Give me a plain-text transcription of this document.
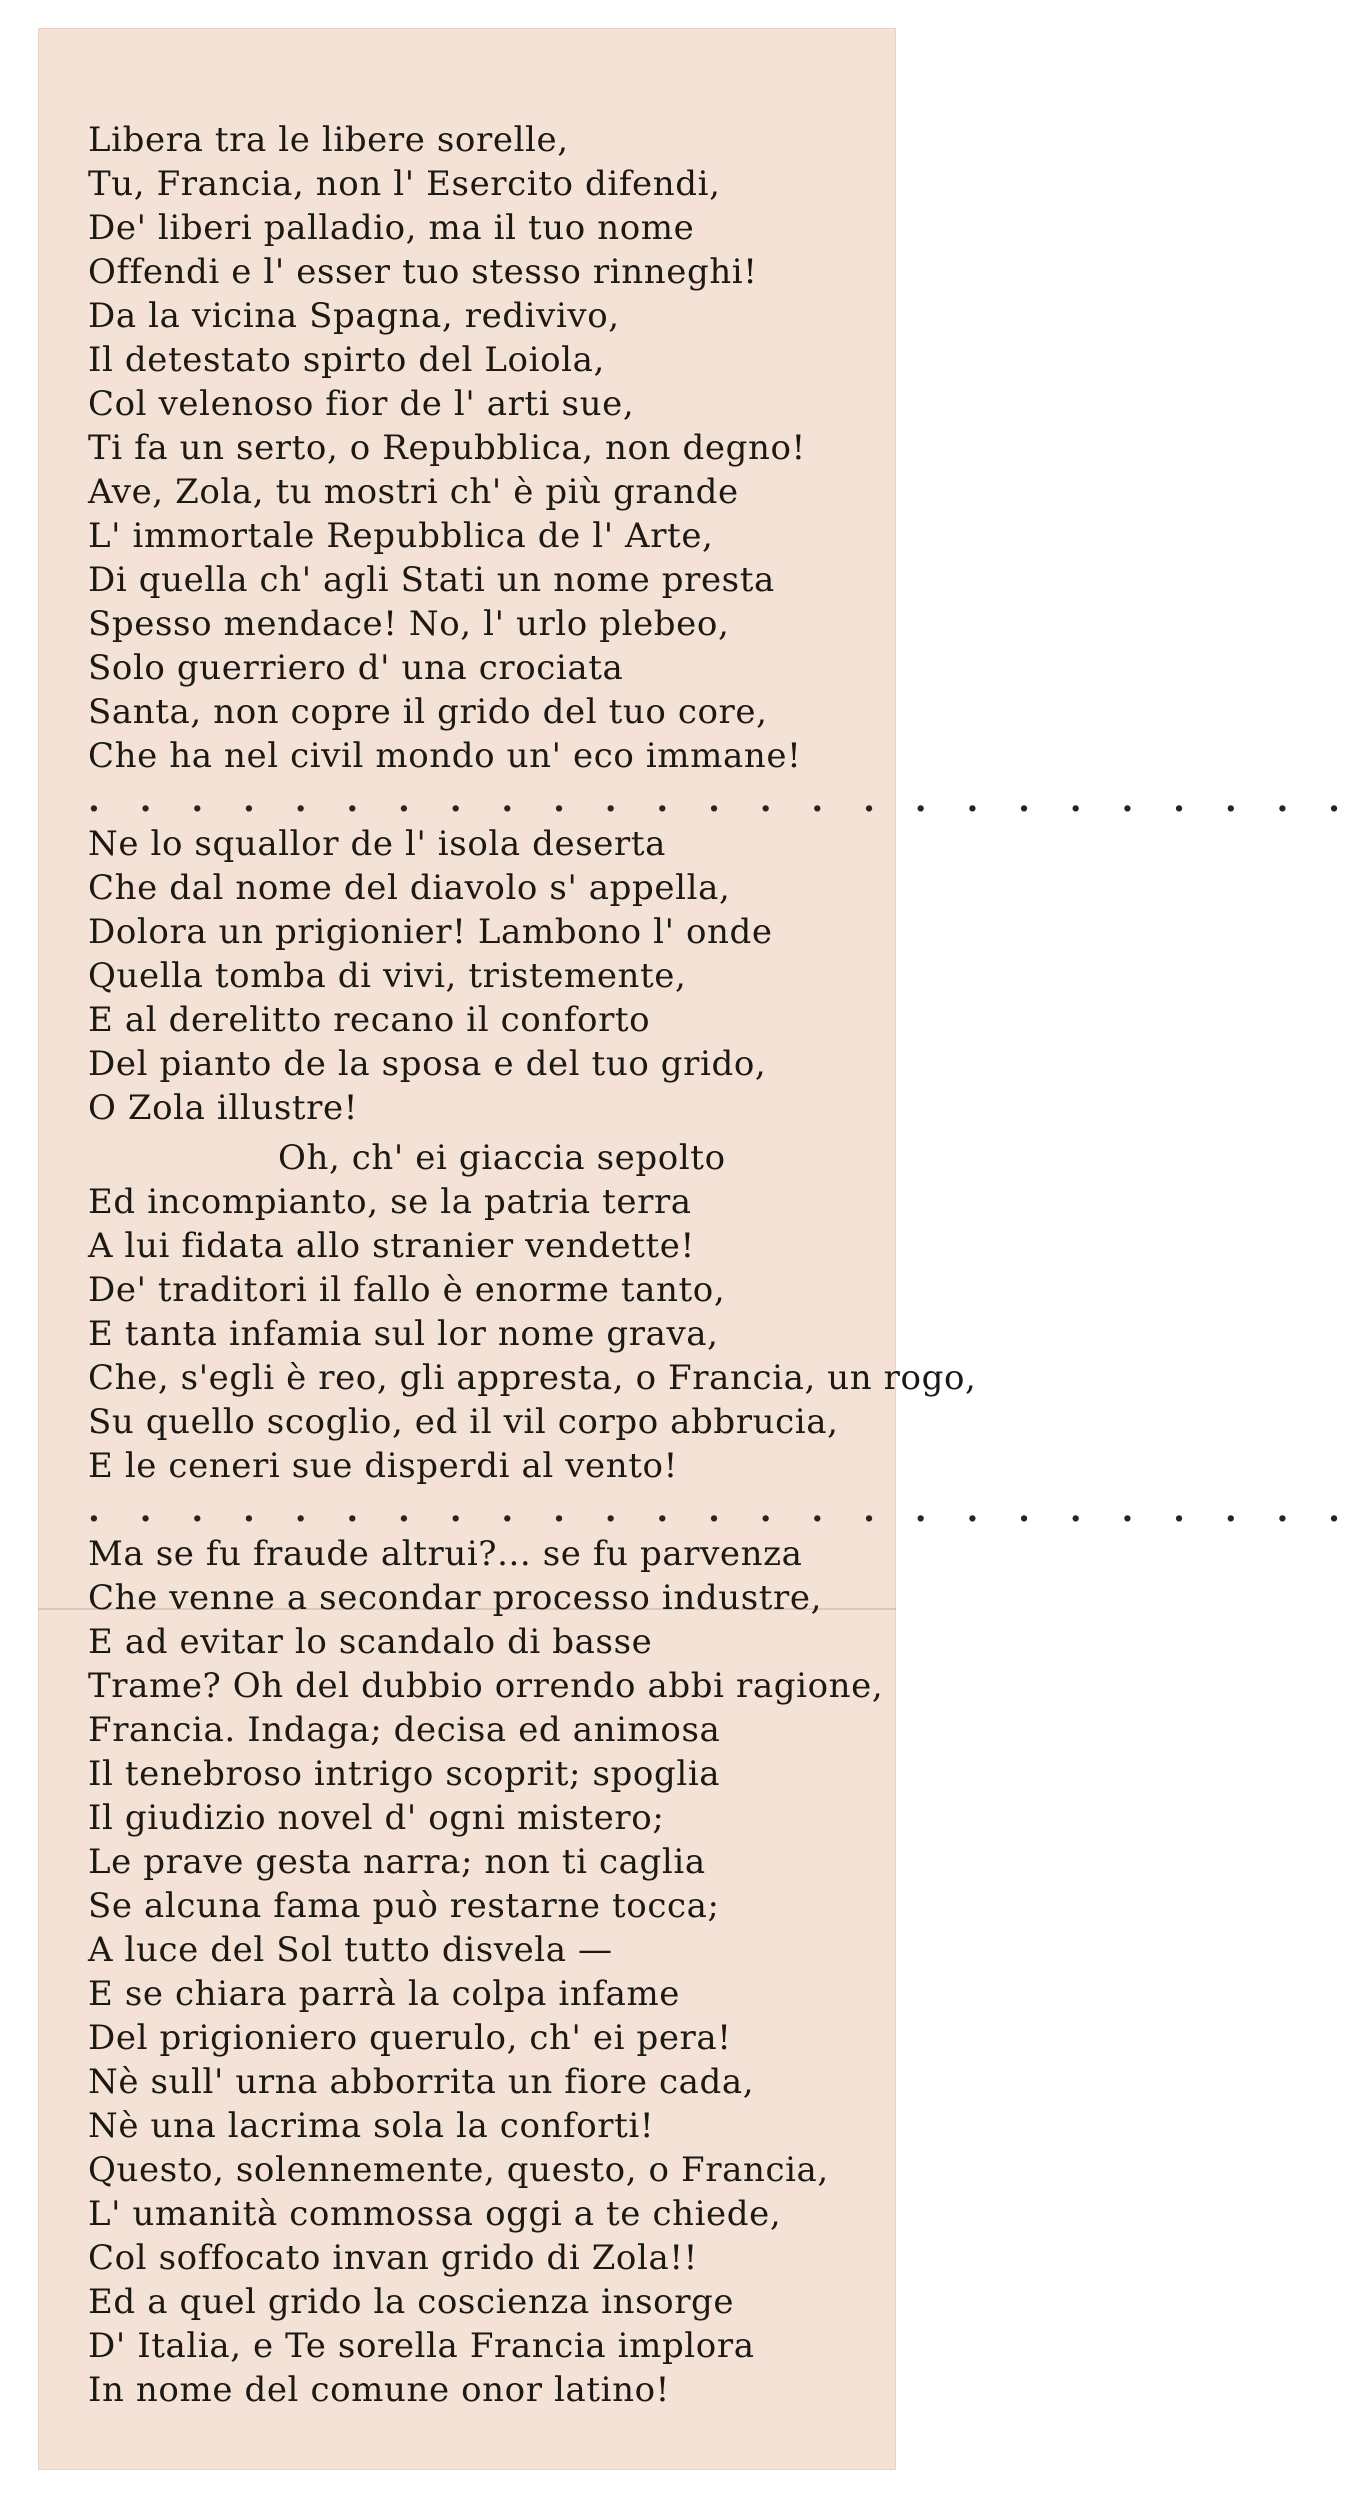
Libera tra le libere sorelle,
Tu, Francia, non l' Esercito difendi,
De' liberi palladio, ma il tuo nome
Offendi e l' esser tuo stesso rinneghi!
Da la vicina Spagna, redivivo,
Il detestato spirto del Loiola,
Col velenoso fior de l' arti sue,
Ti fa un serto, o Repubblica, non degno!
Ave, Zola, tu mostri ch' è più grande
L' immortale Repubblica de l' Arte,
Di quella ch' agli Stati un nome presta
Spesso mendace! No, l' urlo plebeo,
Solo guerriero d' una crociata
Santa, non copre il grido del tuo core,
Che ha nel civil mondo un' eco immane!
. . . . . . . . . . . . . . . . . . . . . . . . .
Ne lo squallor de l' isola deserta
Che dal nome del diavolo s' appella,
Dolora un prigionier! Lambono l' onde
Quella tomba di vivi, tristemente,
E al derelitto recano il conforto
Del pianto de la sposa e del tuo grido,
O Zola illustre!
Oh, ch' ei giaccia sepolto
Ed incompianto, se la patria terra
A lui fidata allo stranier vendette!
De' traditori il fallo è enorme tanto,
E tanta infamia sul lor nome grava,
Che, s'egli è reo, gli appresta, o Francia, un rogo,
Su quello scoglio, ed il vil corpo abbrucia,
E le ceneri sue disperdi al vento!
. . . . . . . . . . . . . . . . . . . . . . . . .
Ma se fu fraude altrui?... se fu parvenza
Che venne a secondar processo industre,
E ad evitar lo scandalo di basse
Trame? Oh del dubbio orrendo abbi ragione,
Francia. Indaga; decisa ed animosa
Il tenebroso intrigo scoprit; spoglia
Il giudizio novel d' ogni mistero;
Le prave gesta narra; non ti caglia
Se alcuna fama può restarne tocca;
A luce del Sol tutto disvela —
E se chiara parrà la colpa infame
Del prigioniero querulo, ch' ei pera!
Nè sull' urna abborrita un fiore cada,
Nè una lacrima sola la conforti!
Questo, solennemente, questo, o Francia,
L' umanità commossa oggi a te chiede,
Col soffocato invan grido di Zola!!
Ed a quel grido la coscienza insorge
D' Italia, e Te sorella Francia implora
In nome del comune onor latino!
